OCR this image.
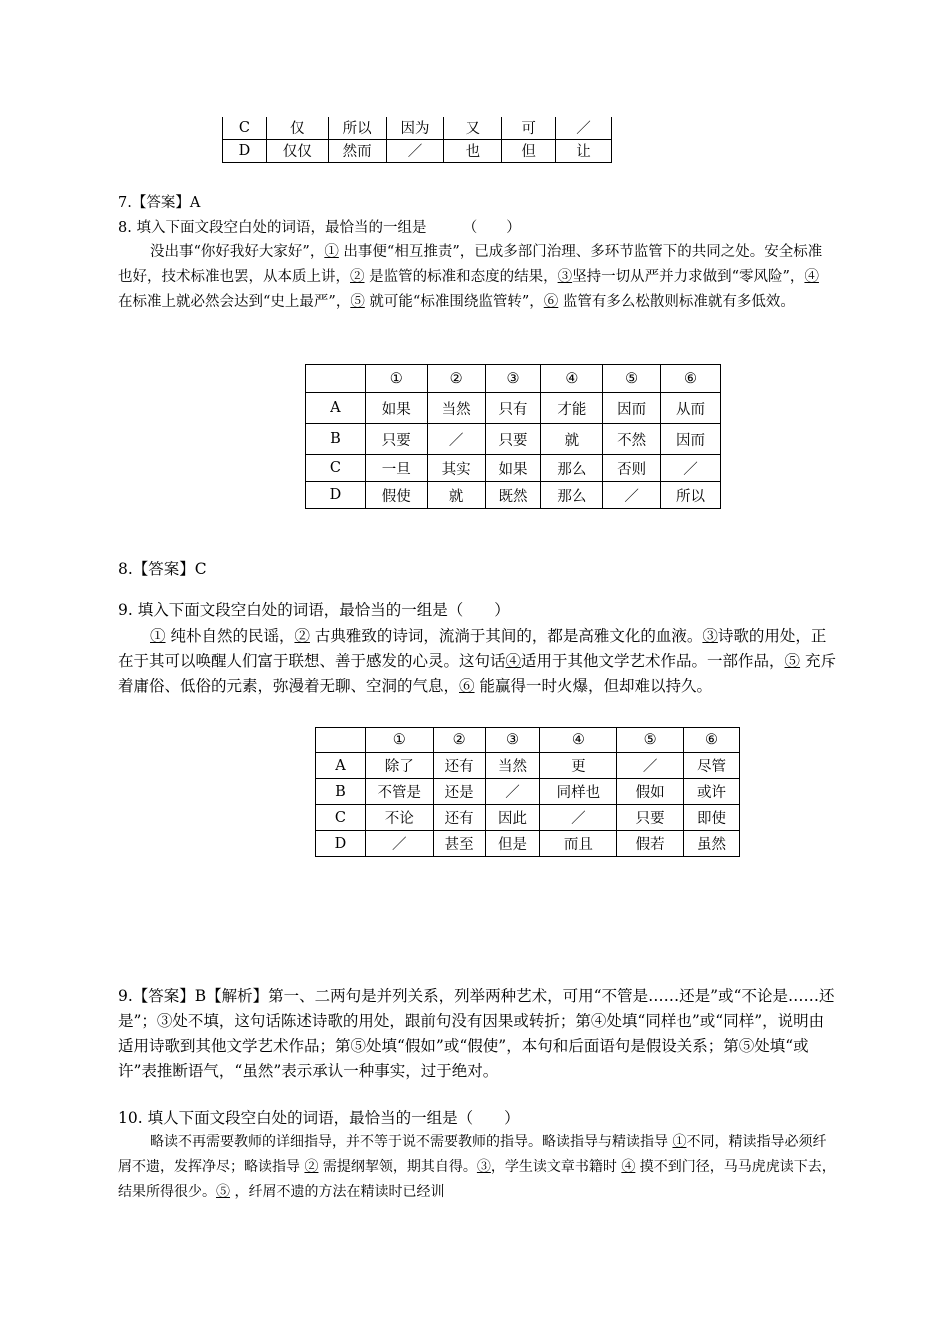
C	仅	所以	因为	又	可	／
D	仅仅	然而	／	也	但	让
7.【答案】A
8. 填入下面文段空白处的词语，最恰当的一组是　　　（　　）
没出事“你好我好大家好”，① 出事便“相互推责”，已成多部门治理、多环节监管下的共同之处。安全标准也好，技术标准也罢，从本质上讲，② 是监管的标准和态度的结果，③坚持一切从严并力求做到“零风险”，④ 在标准上就必然会达到“史上最严”，⑤ 就可能“标准围绕监管转”，⑥ 监管有多么松散则标准就有多低效。
	①	②	③	④	⑤	⑥
A	如果	当然	只有	才能	因而	从而
B	只要	／	只要	就	不然	因而
C	一旦	其实	如果	那么	否则	／
D	假使	就	既然	那么	／	所以
8.【答案】C
9. 填入下面文段空白处的词语，最恰当的一组是（　　）
① 纯朴自然的民谣，② 古典雅致的诗词，流淌于其间的，都是高雅文化的血液。③诗歌的用处，正在于其可以唤醒人们富于联想、善于感发的心灵。这句话④适用于其他文学艺术作品。一部作品，⑤ 充斥着庸俗、低俗的元素，弥漫着无聊、空洞的气息，⑥ 能赢得一时火爆，但却难以持久。
	①	②	③	④	⑤	⑥
A	除了	还有	当然	更	／	尽管
B	不管是	还是	／	同样也	假如	或许
C	不论	还有	因此	／	只要	即使
D	／	甚至	但是	而且	假若	虽然
9.【答案】B【解析】第一、二两句是并列关系，列举两种艺术，可用“不管是……还是”或“不论是……还是”；③处不填，这句话陈述诗歌的用处，跟前句没有因果或转折；第④处填“同样也”或“同样”，说明由适用诗歌到其他文学艺术作品；第⑤处填“假如”或“假使”，本句和后面语句是假设关系；第⑤处填“或许”表推断语气，“虽然”表示承认一种事实，过于绝对。
10. 填人下面文段空白处的词语，最恰当的一组是（　　）
略读不再需要教师的详细指导，并不等于说不需要教师的指导。略读指导与精读指导 ①不同，精读指导必须纤屑不遗，发挥净尽；略读指导 ② 需提纲挈领，期其自得。③，学生读文章书籍时 ④ 摸不到门径，马马虎虎读下去，结果所得很少。⑤ ，纤屑不遗的方法在精读时已经训
